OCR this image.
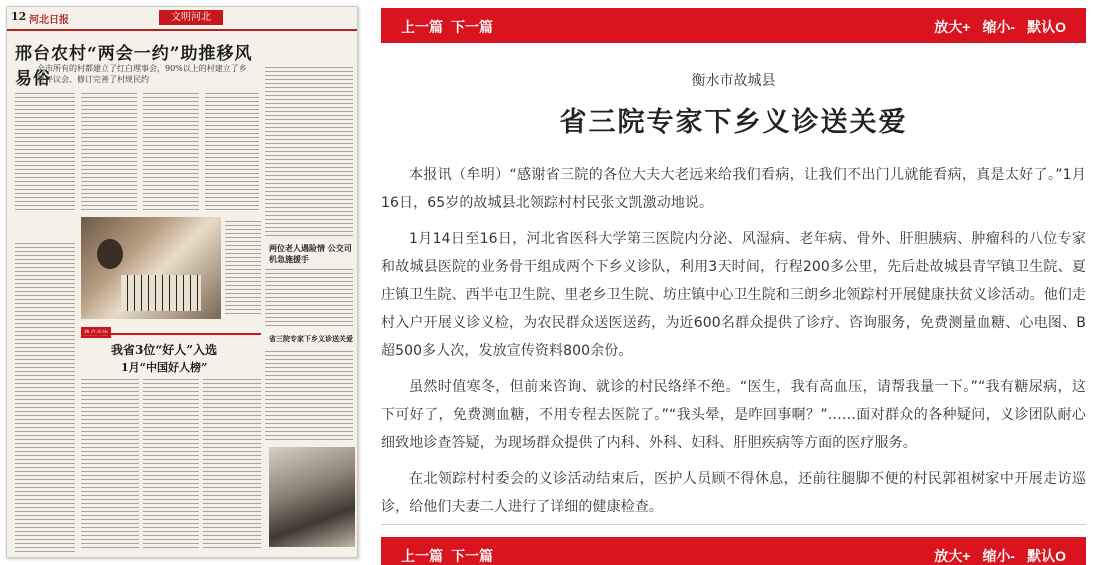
12 河北日报	文明河北
邢台农村“两会一约”助推移风易俗
全市所有的村都建立了红白理事会，90%以上的村建立了乡贤评议会、修订完善了村规民约
两位老人遇险情 公交司机急施援手
热点关注
我省3位“好人”入选
1月“中国好人榜”
省三院专家下乡义诊送关爱
上一篇 下一篇	放大+ 缩小- 默认O
衡水市故城县
省三院专家下乡义诊送关爱

本报讯（牟明）“感谢省三院的各位大夫大老远来给我们看病，让我们不出门儿就能看病，真是太好了。”1月16日，65岁的故城县北领踪村村民张文凯激动地说。

1月14日至16日，河北省医科大学第三医院内分泌、风湿病、老年病、骨外、肝胆胰病、肿瘤科的八位专家和故城县医院的业务骨干组成两个下乡义诊队，利用3天时间，行程200多公里，先后赴故城县青罕镇卫生院、夏庄镇卫生院、西半屯卫生院、里老乡卫生院、坊庄镇中心卫生院和三朗乡北领踪村开展健康扶贫义诊活动。他们走村入户开展义诊义检，为农民群众送医送药，为近600名群众提供了诊疗、咨询服务，免费测量血糖、心电图、B超500多人次，发放宣传资料800余份。

虽然时值寒冬，但前来咨询、就诊的村民络绎不绝。“医生，我有高血压，请帮我量一下。”“我有糖尿病，这下可好了，免费测血糖，不用专程去医院了。”“我头晕，是咋回事啊？”……面对群众的各种疑问，义诊团队耐心细致地诊查答疑，为现场群众提供了内科、外科、妇科、肝胆疾病等方面的医疗服务。

在北领踪村村委会的义诊活动结束后，医护人员顾不得休息，还前往腿脚不便的村民郭祖树家中开展走访巡诊，给他们夫妻二人进行了详细的健康检查。

上一篇 下一篇	放大+ 缩小- 默认O
